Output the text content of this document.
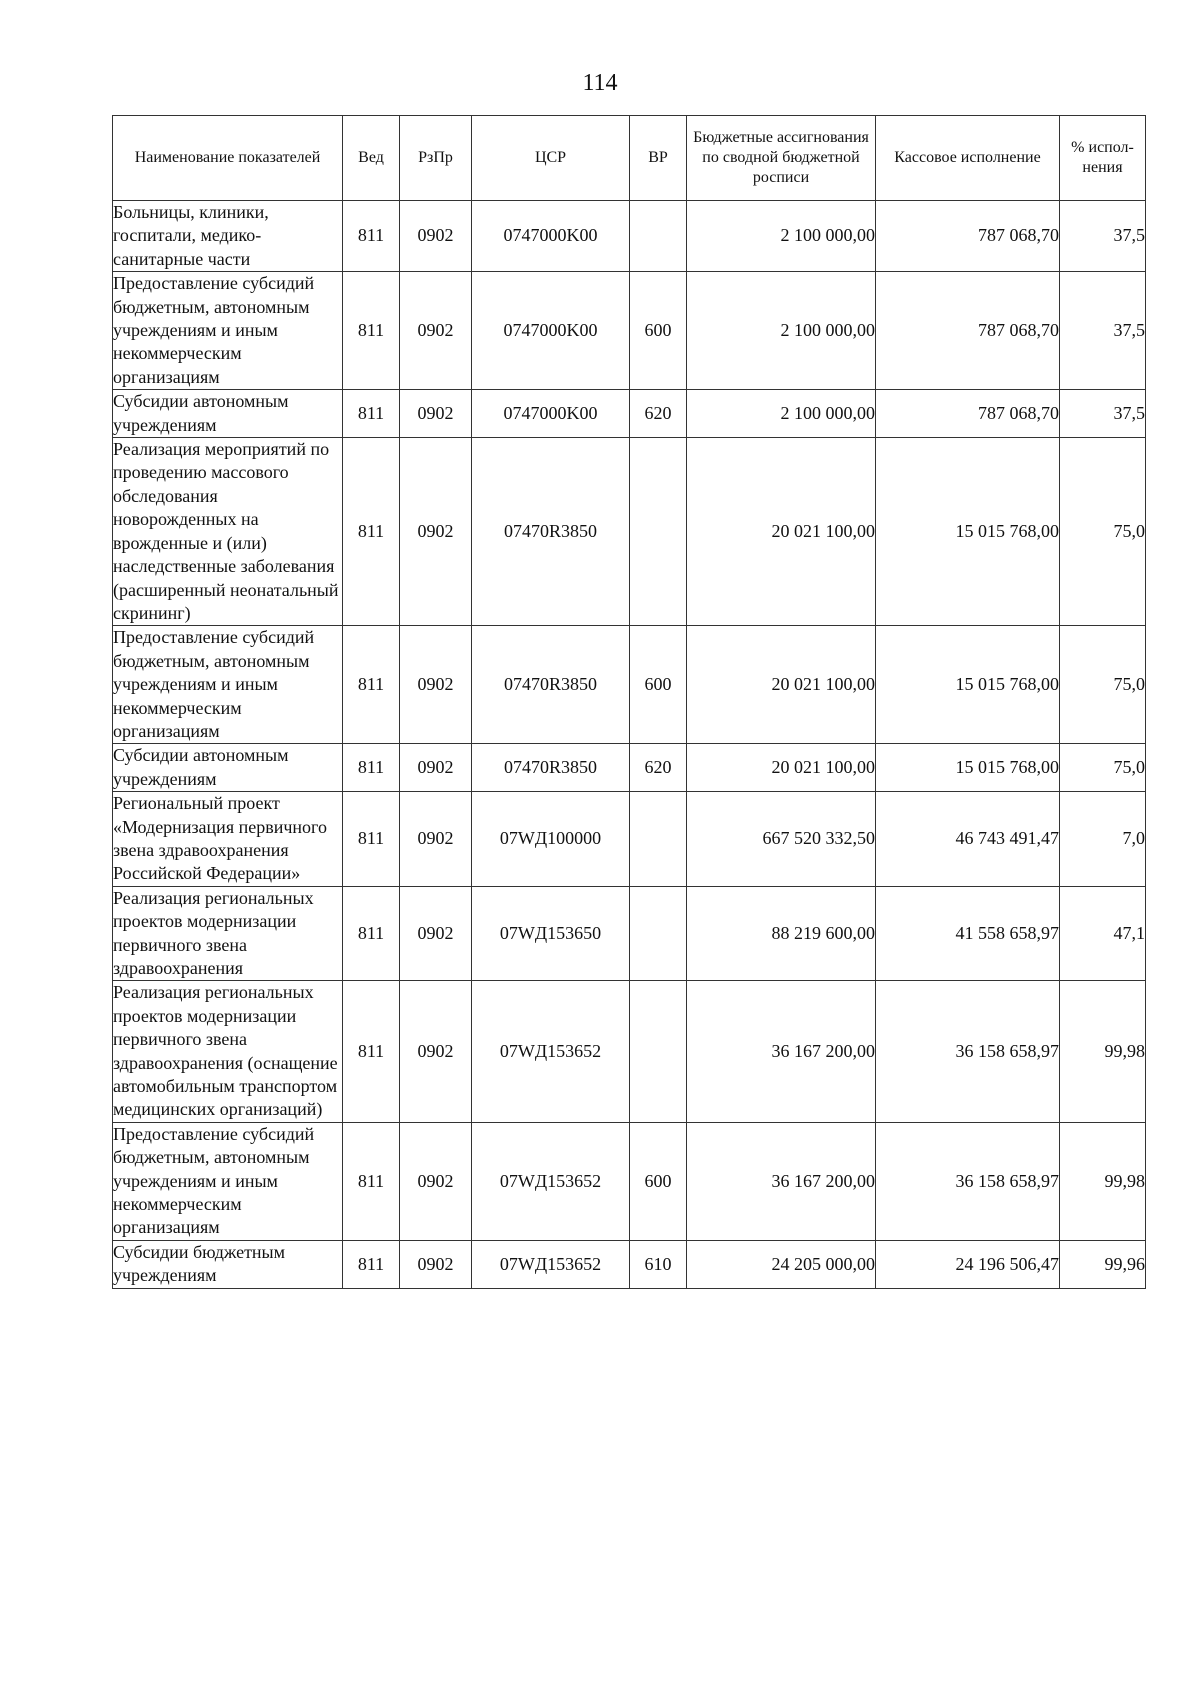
114
Наименование показателей	Вед	РзПр	ЦСР	ВР	Бюджетные ассигнования по сводной бюджетной росписи	Кассовое исполнение	% испол-нения
Больницы, клиники, госпитали, медико-санитарные части	811	0902	0747000K00		2 100 000,00	787 068,70	37,5
Предоставление субсидий бюджетным, автономным учреждениям и иным некоммерческим организациям	811	0902	0747000K00	600	2 100 000,00	787 068,70	37,5
Субсидии автономным учреждениям	811	0902	0747000K00	620	2 100 000,00	787 068,70	37,5
Реализация мероприятий по проведению массового обследования новорожденных на врожденные и (или) наследственные заболевания (расширенный неонатальный скрининг)	811	0902	07470R3850		20 021 100,00	15 015 768,00	75,0
Предоставление субсидий бюджетным, автономным учреждениям и иным некоммерческим организациям	811	0902	07470R3850	600	20 021 100,00	15 015 768,00	75,0
Субсидии автономным учреждениям	811	0902	07470R3850	620	20 021 100,00	15 015 768,00	75,0
Региональный проект «Модернизация первичного звена здравоохранения Российской Федерации»	811	0902	07WД100000		667 520 332,50	46 743 491,47	7,0
Реализация региональных проектов модернизации первичного звена здравоохранения	811	0902	07WД153650		88 219 600,00	41 558 658,97	47,1
Реализация региональных проектов модернизации первичного звена здравоохранения (оснащение автомобильным транспортом медицинских организаций)	811	0902	07WД153652		36 167 200,00	36 158 658,97	99,98
Предоставление субсидий бюджетным, автономным учреждениям и иным некоммерческим организациям	811	0902	07WД153652	600	36 167 200,00	36 158 658,97	99,98
Субсидии бюджетным учреждениям	811	0902	07WД153652	610	24 205 000,00	24 196 506,47	99,96
